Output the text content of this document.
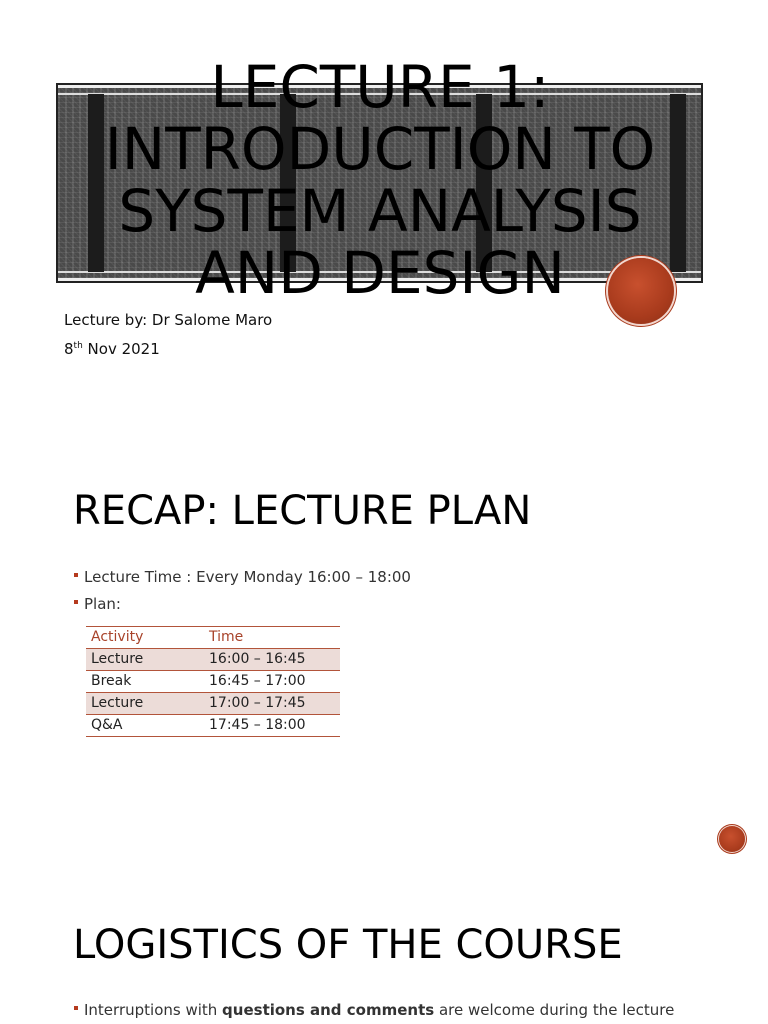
LECTURE 1:
INTRODUCTION TO
SYSTEM ANALYSIS
AND DESIGN

Lecture by: Dr Salome Maro

8th Nov 2021

RECAP: LECTURE PLAN
Lecture Time : Every Monday 16:00 – 18:00
Plan:
Activity	Time
Lecture	16:00 – 16:45
Break	16:45 – 17:00
Lecture	17:00 – 17:45
Q&A	17:45 – 18:00
LOGISTICS OF THE COURSE
Interruptions with questions and comments are welcome during the lecture
